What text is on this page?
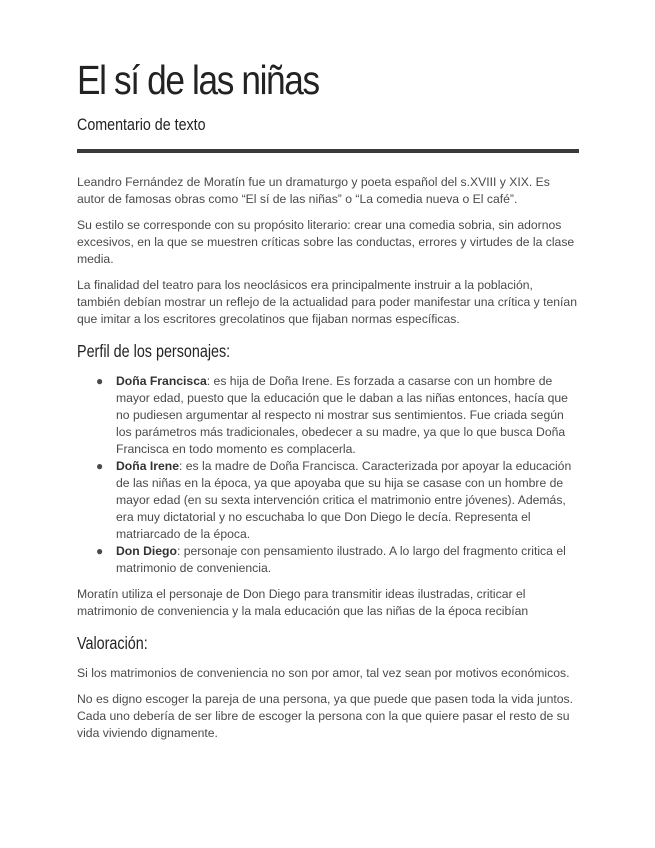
El sí de las niñas
Comentario de texto

Leandro Fernández de Moratín fue un dramaturgo y poeta español del s.XVIII y XIX. Es autor de famosas obras como “El sí de las niñas” o “La comedia nueva o El café”.

Su estilo se corresponde con su propósito literario: crear una comedia sobria, sin adornos excesivos, en la que se muestren críticas sobre las conductas, errores y virtudes de la clase media.

La finalidad del teatro para los neoclásicos era principalmente instruir a la población, también debían mostrar un reflejo de la actualidad para poder manifestar una crítica y tenían que imitar a los escritores grecolatinos que fijaban normas específicas.

Perfil de los personajes:
● Doña Francisca: es hija de Doña Irene. Es forzada a casarse con un hombre de mayor edad, puesto que la educación que le daban a las niñas entonces, hacía que no pudiesen argumentar al respecto ni mostrar sus sentimientos. Fue criada según los parámetros más tradicionales, obedecer a su madre, ya que lo que busca Doña Francisca en todo momento es complacerla.
● Doña Irene: es la madre de Doña Francisca. Caracterizada por apoyar la educación de las niñas en la época, ya que apoyaba que su hija se casase con un hombre de mayor edad (en su sexta intervención critica el matrimonio entre jóvenes). Además, era muy dictatorial y no escuchaba lo que Don Diego le decía. Representa el matriarcado de la época.
● Don Diego: personaje con pensamiento ilustrado. A lo largo del fragmento critica el matrimonio de conveniencia.

Moratín utiliza el personaje de Don Diego para transmitir ideas ilustradas, criticar el matrimonio de conveniencia y la mala educación que las niñas de la época recibían

Valoración:

Si los matrimonios de conveniencia no son por amor, tal vez sean por motivos económicos.

No es digno escoger la pareja de una persona, ya que puede que pasen toda la vida juntos. Cada uno debería de ser libre de escoger la persona con la que quiere pasar el resto de su vida viviendo dignamente.
